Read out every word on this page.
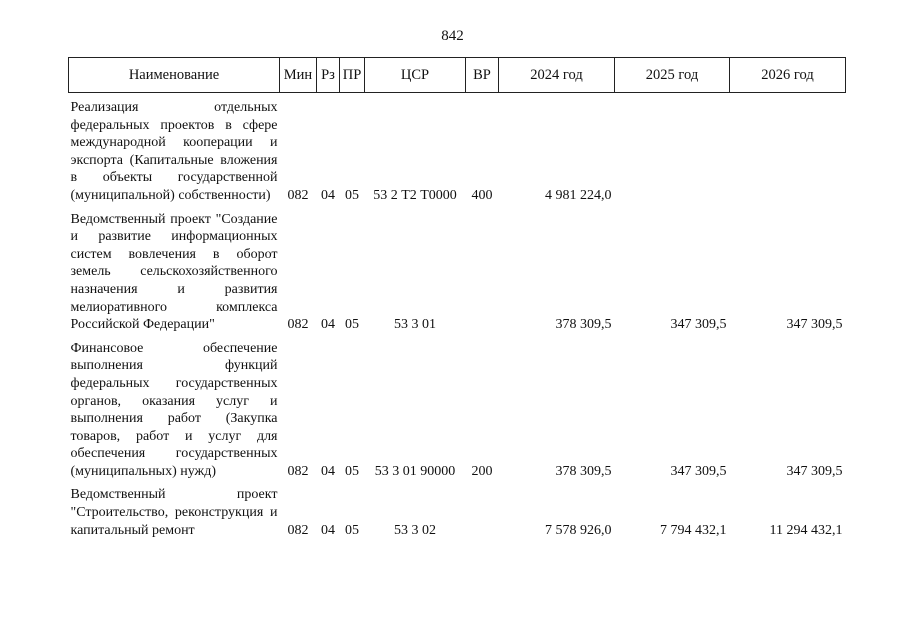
842
Наименование	Мин	Рз	ПР	ЦСР	ВР	2024 год	2025 год	2026 год
Реализация отдельных федеральных проектов в сфере международной кооперации и экспорта (Капитальные вложения в объекты государственной (муниципальной) собственности)	082	04	05	53 2 Т2 Т0000	400	4 981 224,0		
Ведомственный проект "Создание и развитие информационных систем вовлечения в оборот земель сельскохозяйственного назначения и развития мелиоративного комплекса Российской Федерации"	082	04	05	53 3 01		378 309,5	347 309,5	347 309,5
Финансовое обеспечение выполнения функций федеральных государственных органов, оказания услуг и выполнения работ (Закупка товаров, работ и услуг для обеспечения государственных (муниципальных) нужд)	082	04	05	53 3 01 90000	200	378 309,5	347 309,5	347 309,5
Ведомственный проект "Строительство, реконструкция и капитальный ремонт	082	04	05	53 3 02		7 578 926,0	7 794 432,1	11 294 432,1
